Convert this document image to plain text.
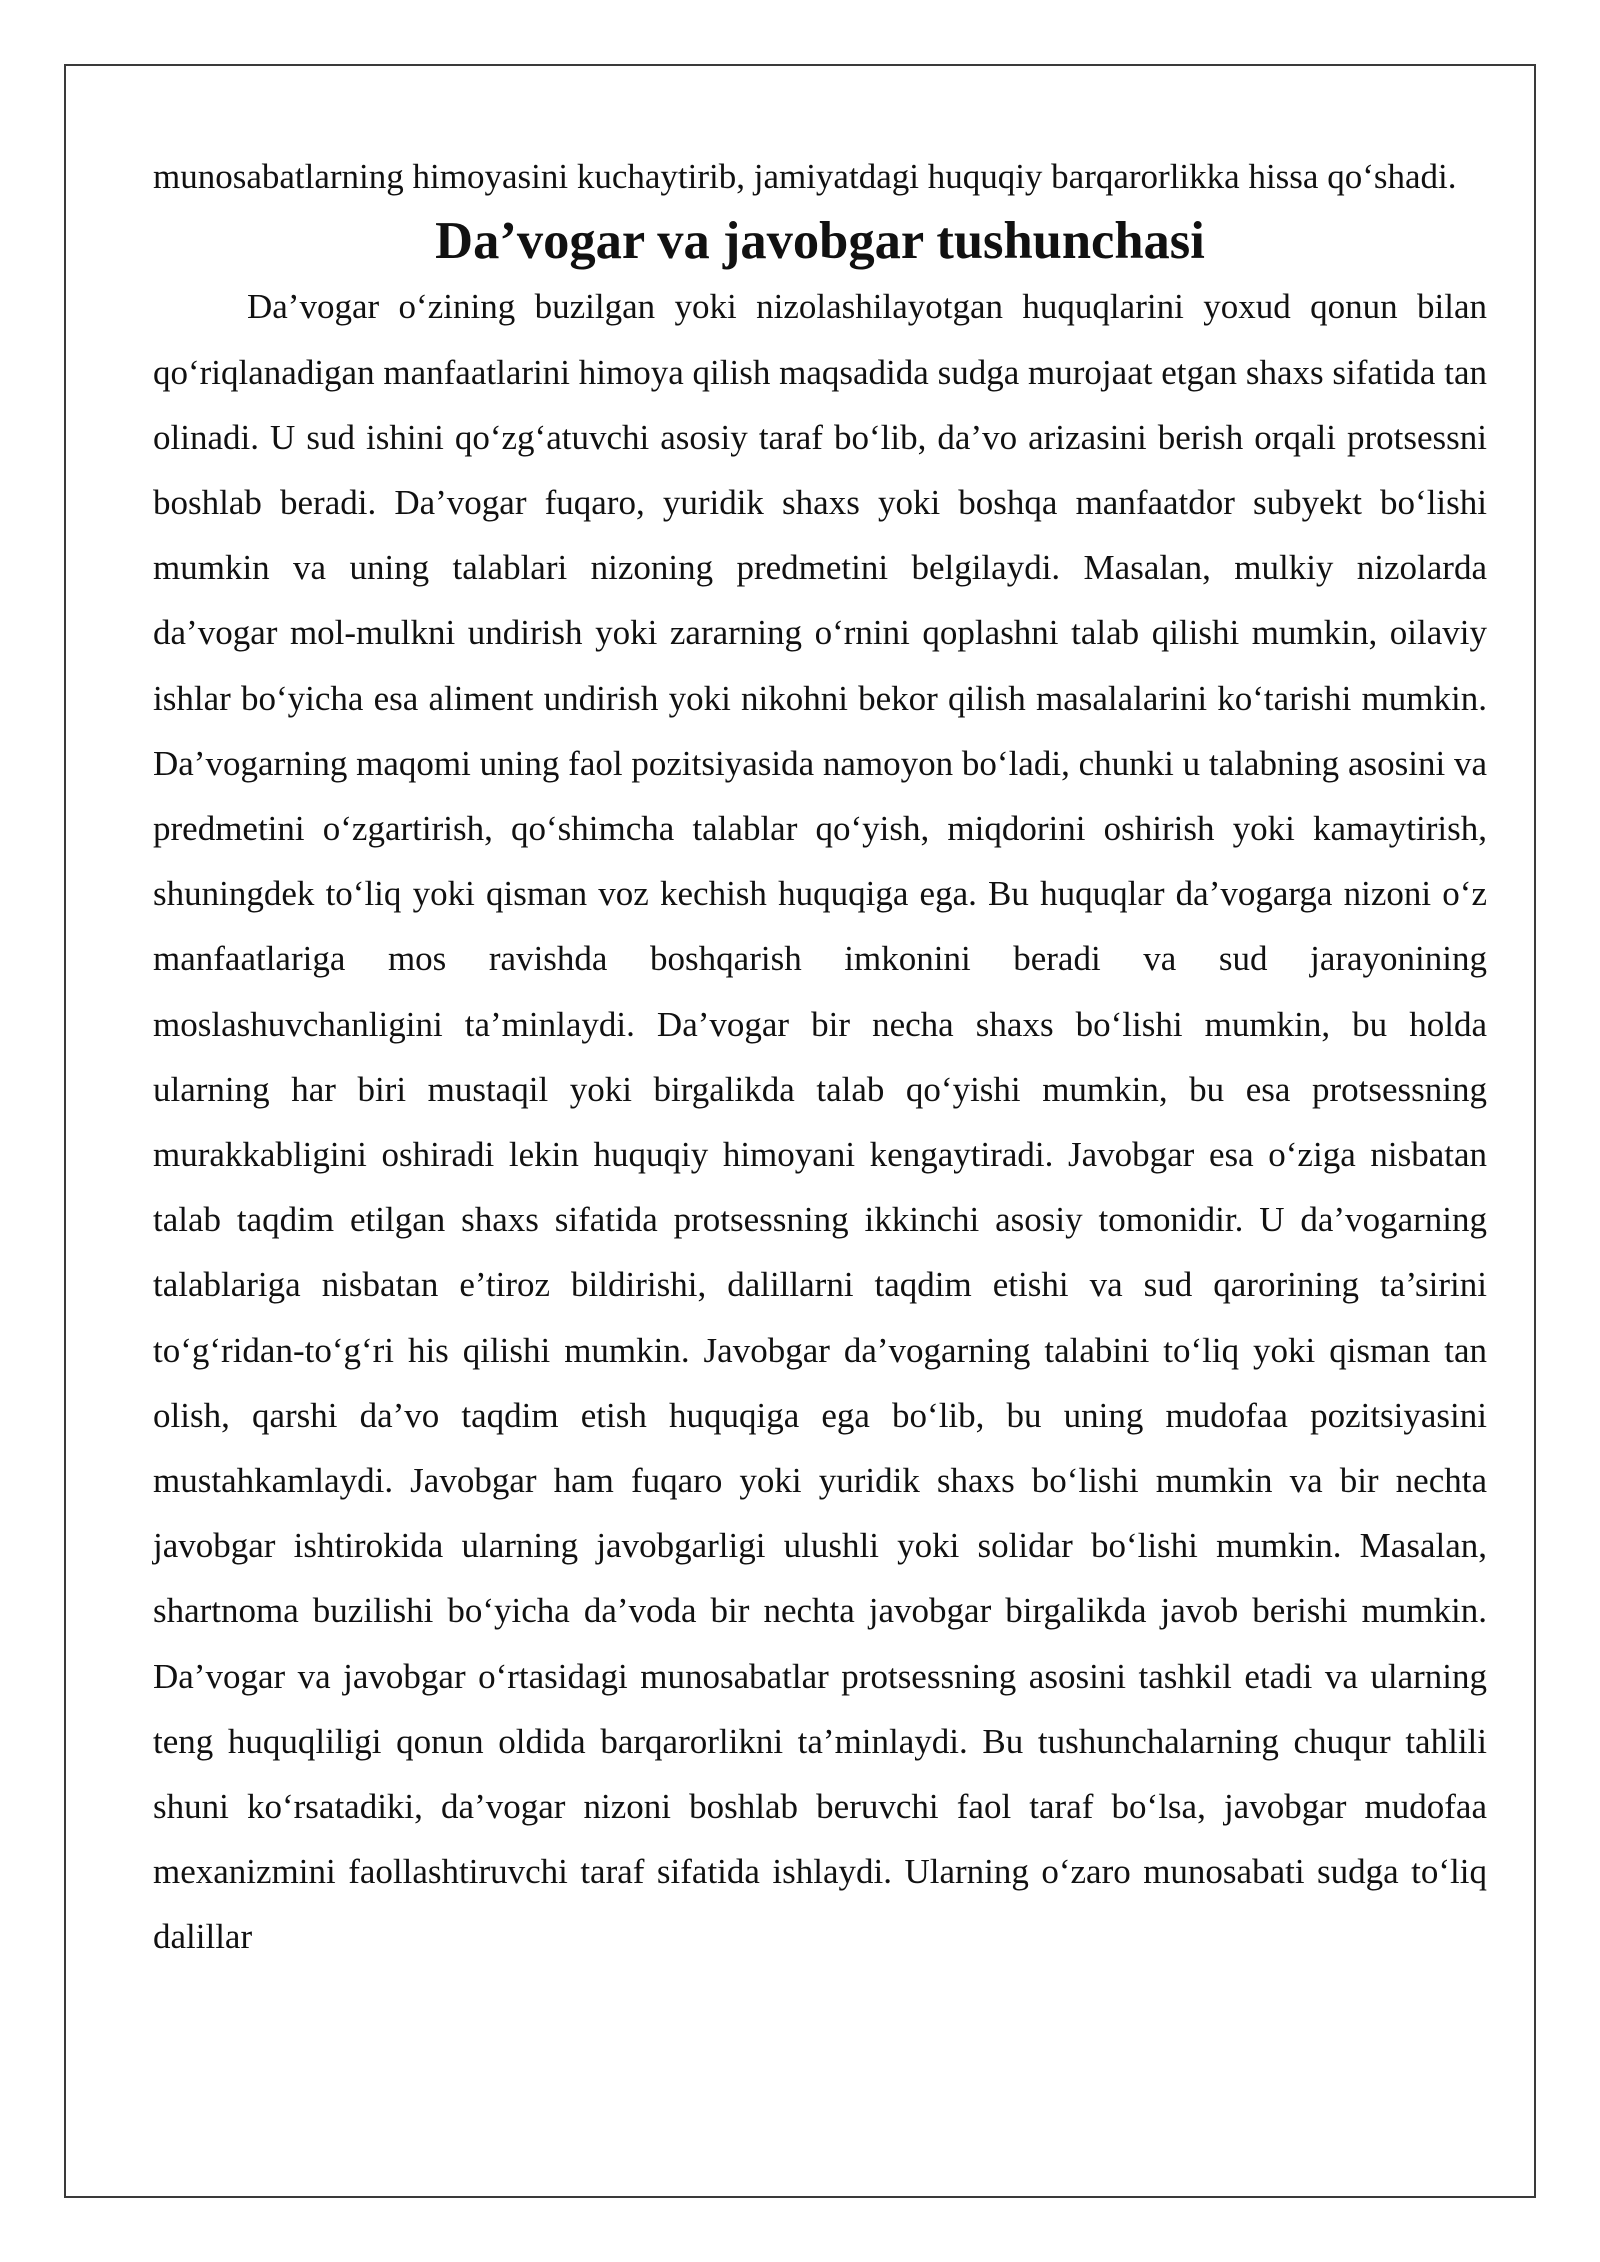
munosabatlarning himoyasini kuchaytirib, jamiyatdagi huquqiy barqarorlikka hissa qo‘shadi.

Da’vogar va javobgar tushunchasi

Da’vogar o‘zining buzilgan yoki nizolashilayotgan huquqlarini yoxud qonun bilan qo‘riqlanadigan manfaatlarini himoya qilish maqsadida sudga murojaat etgan shaxs sifatida tan olinadi. U sud ishini qo‘zg‘atuvchi asosiy taraf bo‘lib, da’vo arizasini berish orqali protsessni boshlab beradi. Da’vogar fuqaro, yuridik shaxs yoki boshqa manfaatdor subyekt bo‘lishi mumkin va uning talablari nizoning predmetini belgilaydi. Masalan, mulkiy nizolarda da’vogar mol-mulkni undirish yoki zararning o‘rnini qoplashni talab qilishi mumkin, oilaviy ishlar bo‘yicha esa aliment undirish yoki nikohni bekor qilish masalalarini ko‘tarishi mumkin. Da’vogarning maqomi uning faol pozitsiyasida namoyon bo‘ladi, chunki u talabning asosini va predmetini o‘zgartirish, qo‘shimcha talablar qo‘yish, miqdorini oshirish yoki kamaytirish, shuningdek to‘liq yoki qisman voz kechish huquqiga ega. Bu huquqlar da’vogarga nizoni o‘z manfaatlariga mos ravishda boshqarish imkonini beradi va sud jarayonining moslashuvchanligini ta’minlaydi. Da’vogar bir necha shaxs bo‘lishi mumkin, bu holda ularning har biri mustaqil yoki birgalikda talab qo‘yishi mumkin, bu esa protsessning murakkabligini oshiradi lekin huquqiy himoyani kengaytiradi. Javobgar esa o‘ziga nisbatan talab taqdim etilgan shaxs sifatida protsessning ikkinchi asosiy tomonidir. U da’vogarning talablariga nisbatan e’tiroz bildirishi, dalillarni taqdim etishi va sud qarorining ta’sirini to‘g‘ridan-to‘g‘ri his qilishi mumkin. Javobgar da’vogarning talabini to‘liq yoki qisman tan olish, qarshi da’vo taqdim etish huquqiga ega bo‘lib, bu uning mudofaa pozitsiyasini mustahkamlaydi. Javobgar ham fuqaro yoki yuridik shaxs bo‘lishi mumkin va bir nechta javobgar ishtirokida ularning javobgarligi ulushli yoki solidar bo‘lishi mumkin. Masalan, shartnoma buzilishi bo‘yicha da’voda bir nechta javobgar birgalikda javob berishi mumkin. Da’vogar va javobgar o‘rtasidagi munosabatlar protsessning asosini tashkil etadi va ularning teng huquqliligi qonun oldida barqarorlikni ta’minlaydi. Bu tushunchalarning chuqur tahlili shuni ko‘rsatadiki, da’vogar nizoni boshlab beruvchi faol taraf bo‘lsa, javobgar mudofaa mexanizmini faollashtiruvchi taraf sifatida ishlaydi. Ularning o‘zaro munosabati sudga to‘liq dalillar
